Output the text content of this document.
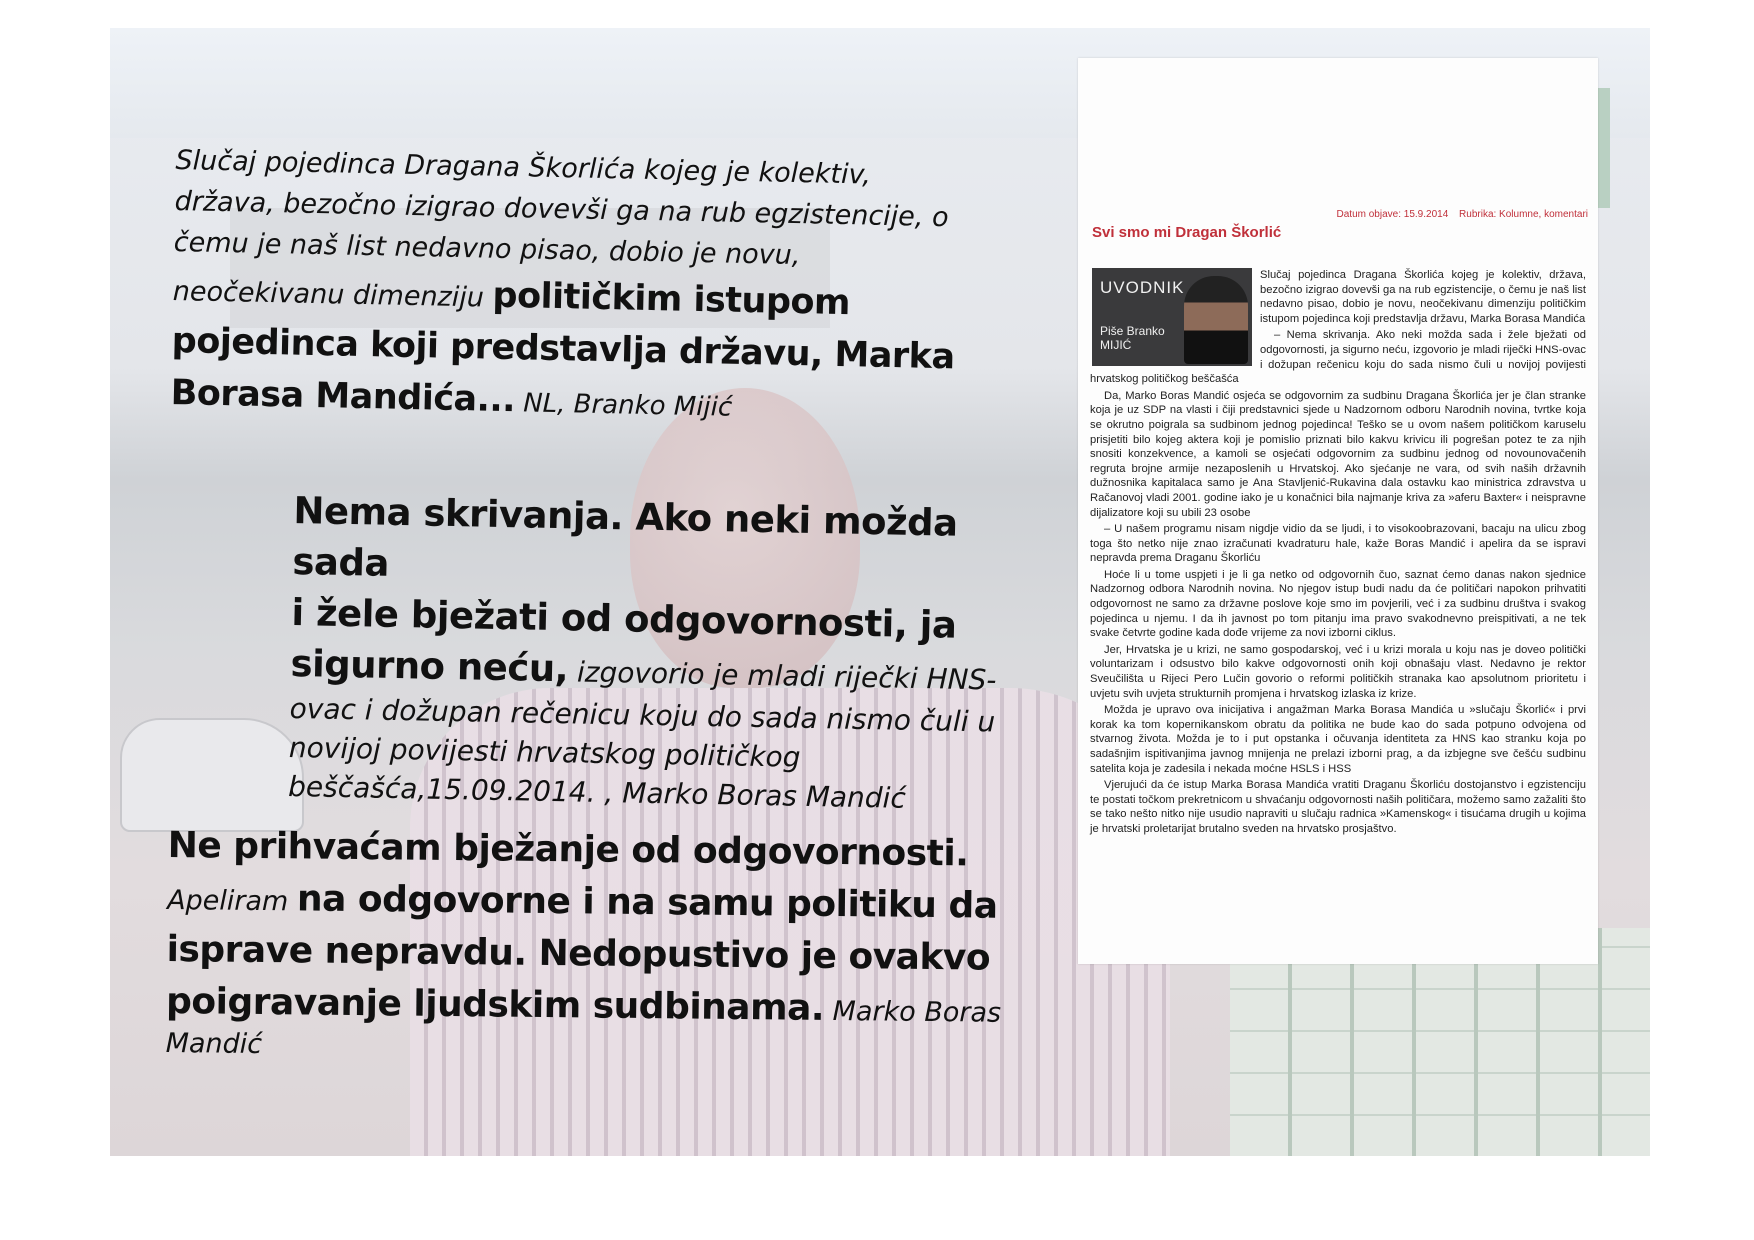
Slučaj pojedinca Dragana Škorlića kojeg je kolektiv,
država, bezočno izigrao dovevši ga na rub egzistencije, o
čemu je naš list nedavno pisao, dobio je novu,
neočekivanu dimenziju političkim istupom
pojedinca koji predstavlja državu, Marka
Borasa Mandića... NL, Branko Mijić
Nema skrivanja. Ako neki možda sada
i žele bježati od odgovornosti, ja
sigurno neću, izgovorio je mladi riječki HNS-
ovac i dožupan rečenicu koju do sada nismo čuli u
novijoj povijesti hrvatskog političkog
beščašća,15.09.2014. , Marko Boras Mandić
Ne prihvaćam bježanje od odgovornosti.
Apeliram na odgovorne i na samu politiku da
isprave nepravdu. Nedopustivo je ovakvo
poigravanje ljudskim sudbinama. Marko Boras
Mandić
Datum objave: 15.9.2014 Rubrika: Kolumne, komentari
Svi smo mi Dragan Škorlić
UVODNIK
Piše Branko MIJIĆ

Slučaj pojedinca Dragana Škorlića kojeg je kolektiv, država, bezočno izigrao dovevši ga na rub egzistencije, o čemu je naš list nedavno pisao, dobio je novu, neočekivanu dimenziju političkim istupom pojedinca koji predstavlja državu, Marka Borasa Mandića

– Nema skrivanja. Ako neki možda sada i žele bježati od odgovornosti, ja sigurno neću, izgovorio je mladi riječki HNS-ovac i dožupan rečenicu koju do sada nismo čuli u novijoj povijesti hrvatskog političkog beščašća

Da, Marko Boras Mandić osjeća se odgovornim za sudbinu Dragana Škorlića jer je član stranke koja je uz SDP na vlasti i čiji predstavnici sjede u Nadzornom odboru Narodnih novina, tvrtke koja se okrutno poigrala sa sudbinom jednog pojedinca! Teško se u ovom našem političkom karuselu prisjetiti bilo kojeg aktera koji je pomislio priznati bilo kakvu krivicu ili pogrešan potez te za njih snositi konzekvence, a kamoli se osjećati odgovornim za sudbinu jednog od novounovačenih regruta brojne armije nezaposlenih u Hrvatskoj. Ako sjećanje ne vara, od svih naših državnih dužnosnika kapitalaca samo je Ana Stavljenić-Rukavina dala ostavku kao ministrica zdravstva u Račanovoj vladi 2001. godine iako je u konačnici bila najmanje kriva za »aferu Baxter« i neispravne dijalizatore koji su ubili 23 osobe

– U našem programu nisam nigdje vidio da se ljudi, i to visokoobrazovani, bacaju na ulicu zbog toga što netko nije znao izračunati kvadraturu hale, kaže Boras Mandić i apelira da se ispravi nepravda prema Draganu Škorliću

Hoće li u tome uspjeti i je li ga netko od odgovornih čuo, saznat ćemo danas nakon sjednice Nadzornog odbora Narodnih novina. No njegov istup budi nadu da će političari napokon prihvatiti odgovornost ne samo za državne poslove koje smo im povjerili, već i za sudbinu društva i svakog pojedinca u njemu. I da ih javnost po tom pitanju ima pravo svakodnevno preispitivati, a ne tek svake četvrte godine kada dođe vrijeme za novi izborni ciklus.

Jer, Hrvatska je u krizi, ne samo gospodarskoj, već i u krizi morala u koju nas je doveo politički voluntarizam i odsustvo bilo kakve odgovornosti onih koji obnašaju vlast. Nedavno je rektor Sveučilišta u Rijeci Pero Lučin govorio o reformi političkih stranaka kao apsolutnom prioritetu i uvjetu svih uvjeta strukturnih promjena i hrvatskog izlaska iz krize.

Možda je upravo ova inicijativa i angažman Marka Borasa Mandića u »slučaju Škorlić« i prvi korak ka tom kopernikanskom obratu da politika ne bude kao do sada potpuno odvojena od stvarnog života. Možda je to i put opstanka i očuvanja identiteta za HNS kao stranku koja po sadašnjim ispitivanjima javnog mnijenja ne prelazi izborni prag, a da izbjegne sve češću sudbinu satelita koja je zadesila i nekada moćne HSLS i HSS

Vjerujući da će istup Marka Borasa Mandića vratiti Draganu Škorliću dostojanstvo i egzistenciju te postati točkom prekretnicom u shvaćanju odgovornosti naših političara, možemo samo zažaliti što se tako nešto nitko nije usudio napraviti u slučaju radnica »Kamenskog« i tisućama drugih u kojima je hrvatski proletarijat brutalno sveden na hrvatsko prosjaštvo.
